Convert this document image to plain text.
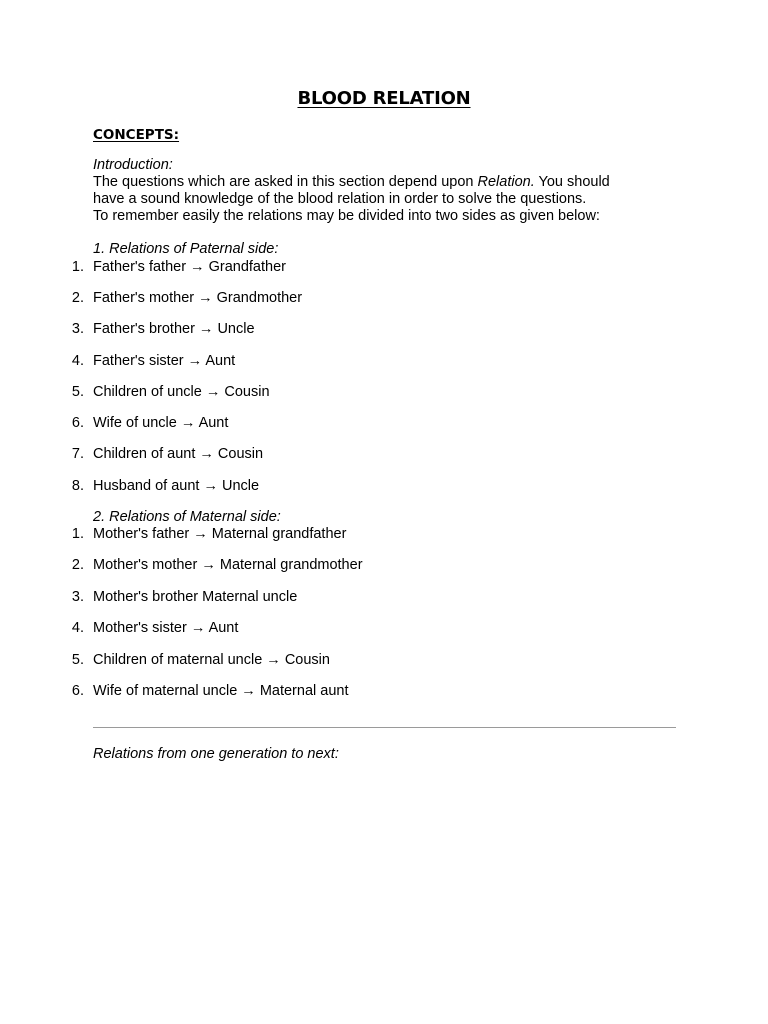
BLOOD RELATION
CONCEPTS:
Introduction:
The questions which are asked in this section depend upon Relation. You should
have a sound knowledge of the blood relation in order to solve the questions.
To remember easily the relations may be divided into two sides as given below:
1. Relations of Paternal side:
1. Father's father → Grandfather
2. Father's mother → Grandmother
3. Father's brother → Uncle
4. Father's sister → Aunt
5. Children of uncle → Cousin
6. Wife of uncle → Aunt
7. Children of aunt → Cousin
8. Husband of aunt → Uncle
2. Relations of Maternal side:
1. Mother's father → Maternal grandfather
2. Mother's mother → Maternal grandmother
3. Mother's brother Maternal uncle
4. Mother's sister → Aunt
5. Children of maternal uncle → Cousin
6. Wife of maternal uncle → Maternal aunt
Relations from one generation to next:
